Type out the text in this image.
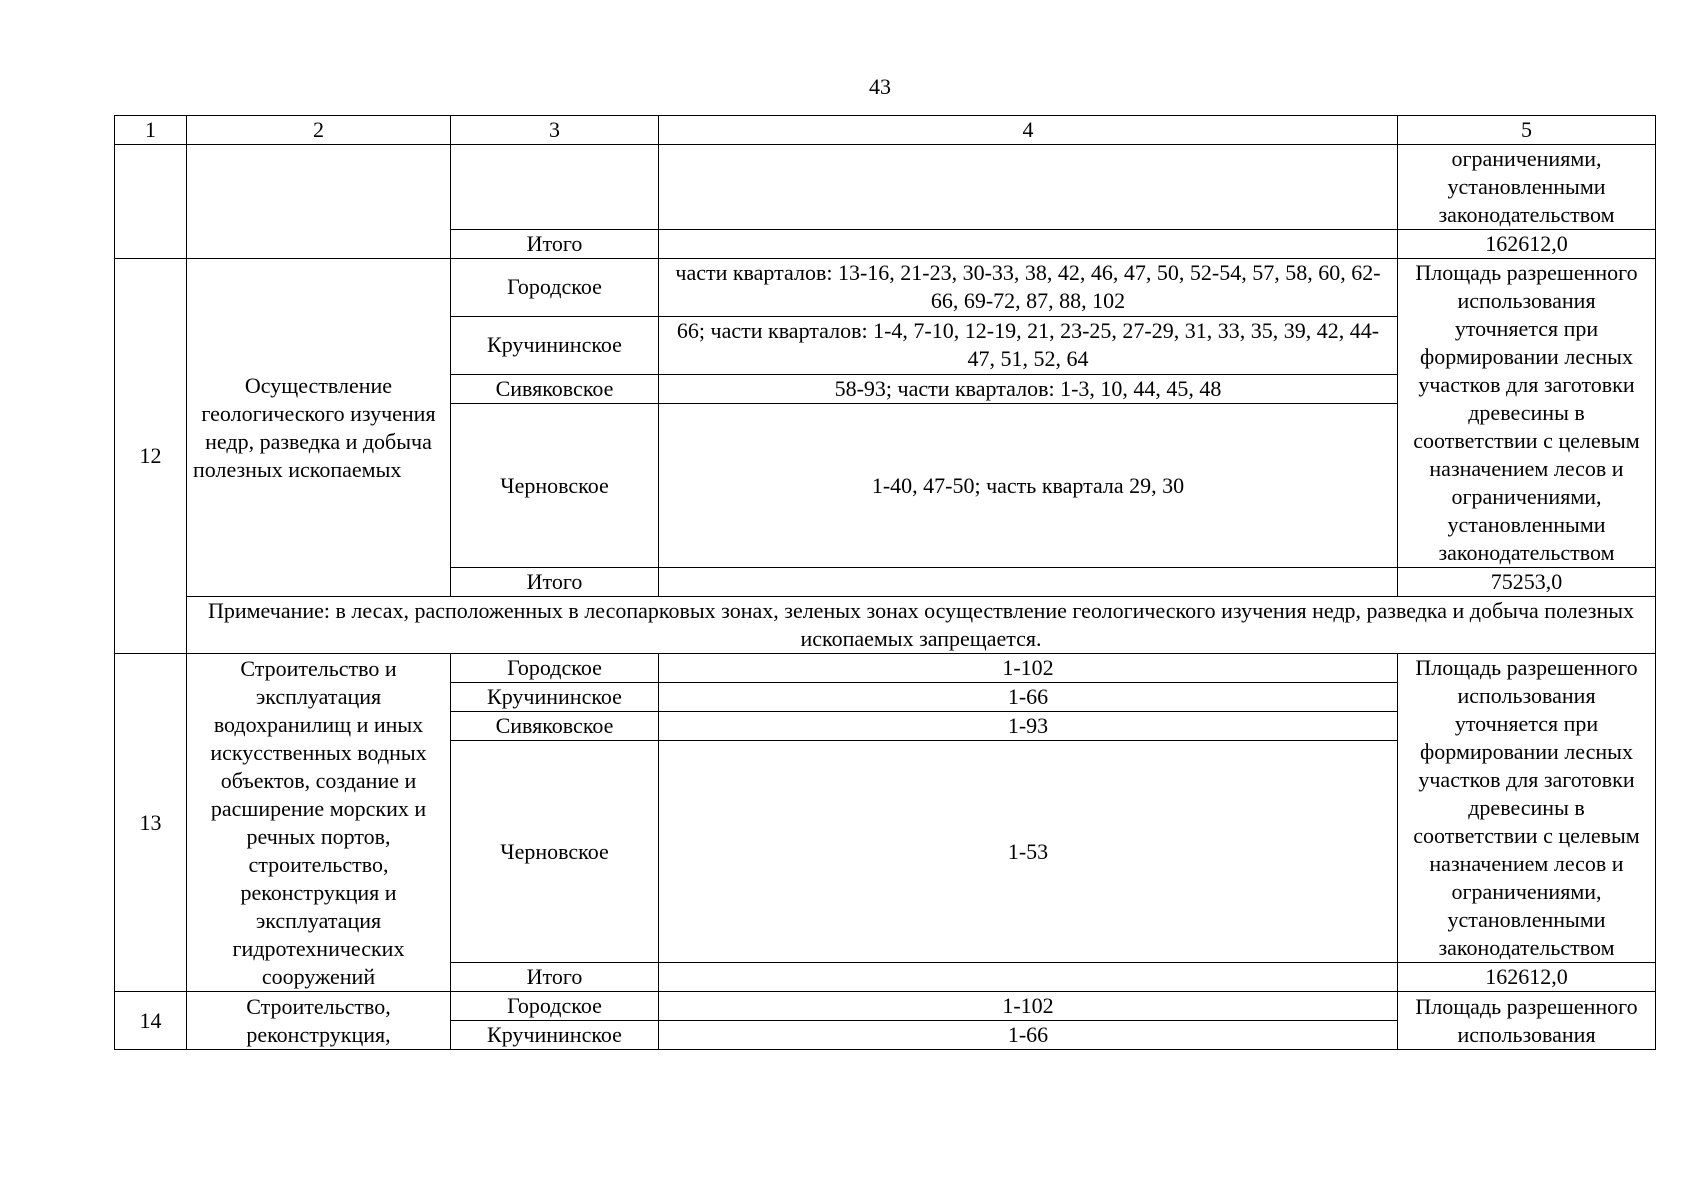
43
1	2	3	4	5
				ограничениями, установленными законодательством
		Итого		162612,0
12	Осуществление геологического изучения недр, разведка и добыча полезных ископаемых	Городское	части кварталов: 13-16, 21-23, 30-33, 38, 42, 46, 47, 50, 52-54, 57, 58, 60, 62-66, 69-72, 87, 88, 102	Площадь разрешенного использования уточняется при формировании лесных участков для заготовки древесины в соответствии с целевым назначением лесов и ограничениями, установленными законодательством
		Кручининское	66; части кварталов: 1-4, 7-10, 12-19, 21, 23-25, 27-29, 31, 33, 35, 39, 42, 44-47, 51, 52, 64	
		Сивяковское	58-93; части кварталов: 1-3, 10, 44, 45, 48	
		Черновское	1-40, 47-50; часть квартала 29, 30	
		Итого		75253,0
	Примечание: в лесах, расположенных в лесопарковых зонах, зеленых зонах осуществление геологического изучения недр, разведка и добыча полезных ископаемых запрещается.			
13	Строительство и эксплуатация водохранилищ и иных искусственных водных объектов, создание и расширение морских и речных портов, строительство, реконструкция и эксплуатация гидротехнических сооружений	Городское	1-102	Площадь разрешенного использования уточняется при формировании лесных участков для заготовки древесины в соответствии с целевым назначением лесов и ограничениями, установленными законодательством
		Кручининское	1-66	
		Сивяковское	1-93	
		Черновское	1-53	
		Итого		162612,0
14	Строительство, реконструкция,	Городское	1-102	Площадь разрешенного использования
		Кручининское	1-66	
